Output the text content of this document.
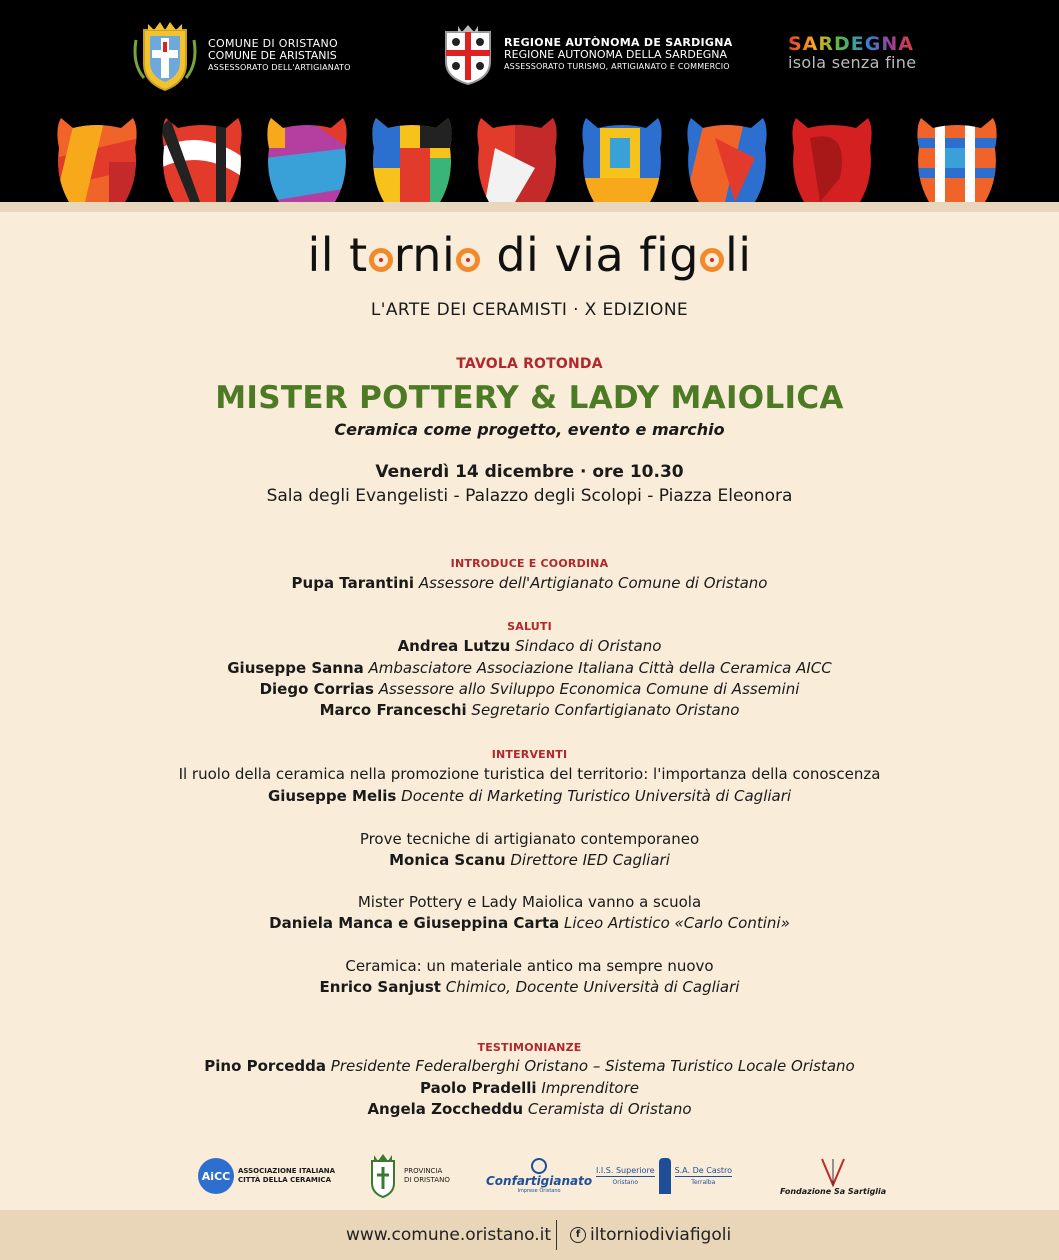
COMUNE DI ORISTANO
COMUNE DE ARISTANIS
ASSESSORATO DELL'ARTIGIANATO
REGIONE AUTÒNOMA DE SARDIGNA
REGIONE AUTONOMA DELLA SARDEGNA
ASSESSORATO TURISMO, ARTIGIANATO E COMMERCIO
SARDEGNA
isola senza fine
il t rni di via fig li
L'ARTE DEI CERAMISTI · X EDIZIONE
TAVOLA ROTONDA
MISTER POTTERY & LADY MAIOLICA
Ceramica come progetto, evento e marchio
Venerdì 14 dicembre · ore 10.30
Sala degli Evangelisti - Palazzo degli Scolopi - Piazza Eleonora
INTRODUCE E COORDINA
Pupa Tarantini Assessore dell'Artigianato Comune di Oristano
SALUTI
Andrea Lutzu Sindaco di Oristano
Giuseppe Sanna Ambasciatore Associazione Italiana Città della Ceramica AICC
Diego Corrias Assessore allo Sviluppo Economica Comune di Assemini
Marco Franceschi Segretario Confartigianato Oristano
INTERVENTI
Il ruolo della ceramica nella promozione turistica del territorio: l'importanza della conoscenza
Giuseppe Melis Docente di Marketing Turistico Università di Cagliari
Prove tecniche di artigianato contemporaneo
Monica Scanu Direttore IED Cagliari
Mister Pottery e Lady Maiolica vanno a scuola
Daniela Manca e Giuseppina Carta Liceo Artistico «Carlo Contini»
Ceramica: un materiale antico ma sempre nuovo
Enrico Sanjust Chimico, Docente Università di Cagliari
TESTIMONIANZE
Pino Porcedda Presidente Federalberghi Oristano – Sistema Turistico Locale Oristano
Paolo Pradelli Imprenditore
Angela Zoccheddu Ceramista di Oristano
AiCC	ASSOCIAZIONE ITALIANA
CITTÀ DELLA CERAMICA
PROVINCIA
DI ORISTANO	Confartigianato
Imprese Oristano
I.I.S. Superiore
Oristano
S.A. De Castro
Terralba
Fondazione Sa Sartiglia
www.comune.oristano.it	f iltorniodiviafigoli
